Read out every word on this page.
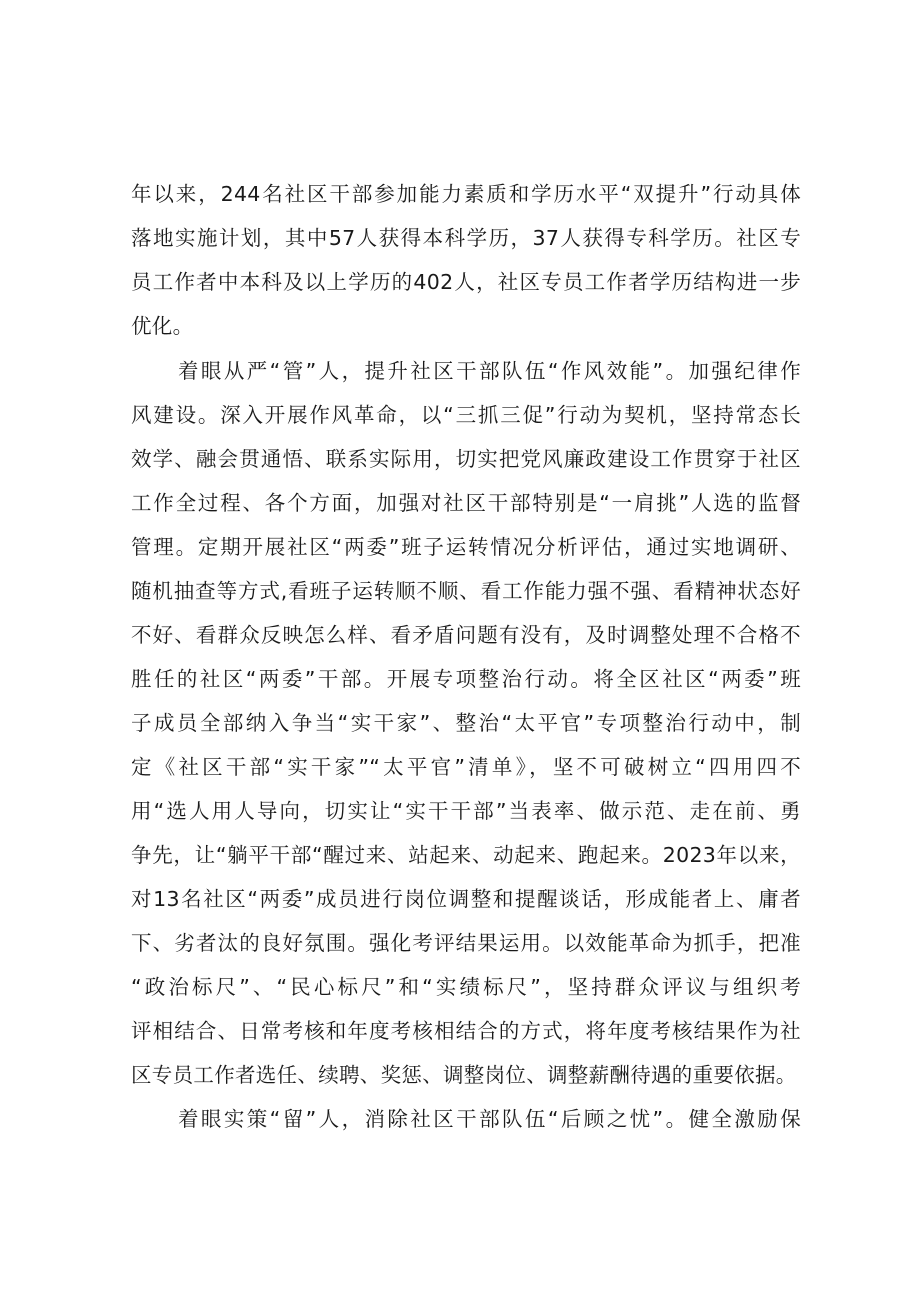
年以来，244名社区干部参加能力素质和学历水平“双提升”行动具体
落地实施计划，其中57人获得本科学历，37人获得专科学历。社区专
员工作者中本科及以上学历的402人，社区专员工作者学历结构进一步
优化。
着眼从严“管”人，提升社区干部队伍“作风效能”。加强纪律作
风建设。深入开展作风革命，以“三抓三促”行动为契机，坚持常态长
效学、融会贯通悟、联系实际用，切实把党风廉政建设工作贯穿于社区
工作全过程、各个方面，加强对社区干部特别是“一肩挑”人选的监督
管理。定期开展社区“两委”班子运转情况分析评估，通过实地调研、
随机抽查等方式,看班子运转顺不顺、看工作能力强不强、看精神状态好
不好、看群众反映怎么样、看矛盾问题有没有，及时调整处理不合格不
胜任的社区“两委”干部。开展专项整治行动。将全区社区“两委”班
子成员全部纳入争当“实干家”、整治“太平官”专项整治行动中，制
定《社区干部“实干家”“太平官”清单》，坚不可破树立“四用四不
用“选人用人导向，切实让“实干干部”当表率、做示范、走在前、勇
争先，让“躺平干部“醒过来、站起来、动起来、跑起来。2023年以来，
对13名社区“两委”成员进行岗位调整和提醒谈话，形成能者上、庸者
下、劣者汰的良好氛围。强化考评结果运用。以效能革命为抓手，把准
“政治标尺”、“民心标尺”和“实绩标尺”，坚持群众评议与组织考
评相结合、日常考核和年度考核相结合的方式，将年度考核结果作为社
区专员工作者选任、续聘、奖惩、调整岗位、调整薪酬待遇的重要依据。
着眼实策“留”人，消除社区干部队伍“后顾之忧”。健全激励保
